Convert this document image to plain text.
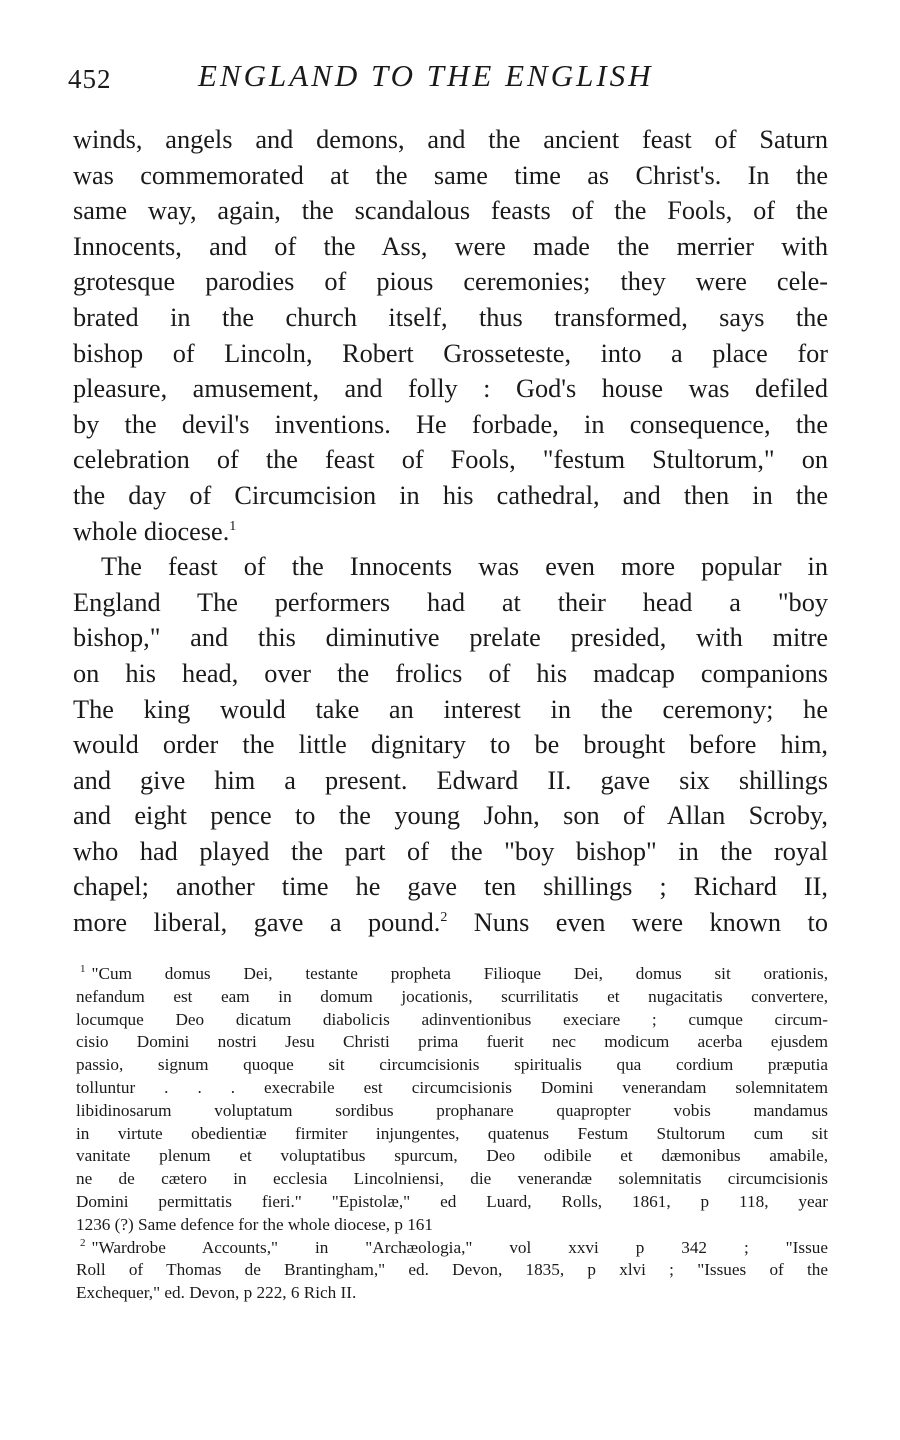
452	ENGLAND TO THE ENGLISH
winds, angels and demons, and the ancient feast of Saturn
was commemorated at the same time as Christ's. In the
same way, again, the scandalous feasts of the Fools, of the
Innocents, and of the Ass, were made the merrier with
grotesque parodies of pious ceremonies; they were cele-
brated in the church itself, thus transformed, says the
bishop of Lincoln, Robert Grosseteste, into a place for
pleasure, amusement, and folly : God's house was defiled
by the devil's inventions. He forbade, in consequence, the
celebration of the feast of Fools, "festum Stultorum," on
the day of Circumcision in his cathedral, and then in the
whole diocese.$^1$
The feast of the Innocents was even more popular in
England The performers had at their head a "boy
bishop," and this diminutive prelate presided, with mitre
on his head, over the frolics of his madcap companions
The king would take an interest in the ceremony; he
would order the little dignitary to be brought before him,
and give him a present. Edward II. gave six shillings
and eight pence to the young John, son of Allan Scroby,
who had played the part of the "boy bishop" in the royal
chapel; another time he gave ten shillings ; Richard II,
more liberal, gave a pound.$^2$ Nuns even were known to
$^1$ "Cum domus Dei, testante propheta Filioque Dei, domus sit orationis,
nefandum est eam in domum jocationis, scurrilitatis et nugacitatis convertere,
locumque Deo dicatum diabolicis adinventionibus execiare ; cumque circum-
cisio Domini nostri Jesu Christi prima fuerit nec modicum acerba ejusdem
passio, signum quoque sit circumcisionis spiritualis qua cordium præputia
tolluntur . . . execrabile est circumcisionis Domini venerandam solemnitatem
libidinosarum voluptatum sordibus prophanare quapropter vobis mandamus
in virtute obedientiæ firmiter injungentes, quatenus Festum Stultorum cum sit
vanitate plenum et voluptatibus spurcum, Deo odibile et dæmonibus amabile,
ne de cætero in ecclesia Lincolniensi, die venerandæ solemnitatis circumcisionis
Domini permittatis fieri." "Epistolæ," ed Luard, Rolls, 1861, p 118, year
1236 (?) Same defence for the whole diocese, p 161
$^2$ "Wardrobe Accounts," in "Archæologia," vol xxvi p 342 ; "Issue
Roll of Thomas de Brantingham," ed. Devon, 1835, p xlvi ; "Issues of the
Exchequer," ed. Devon, p 222, 6 Rich II.
